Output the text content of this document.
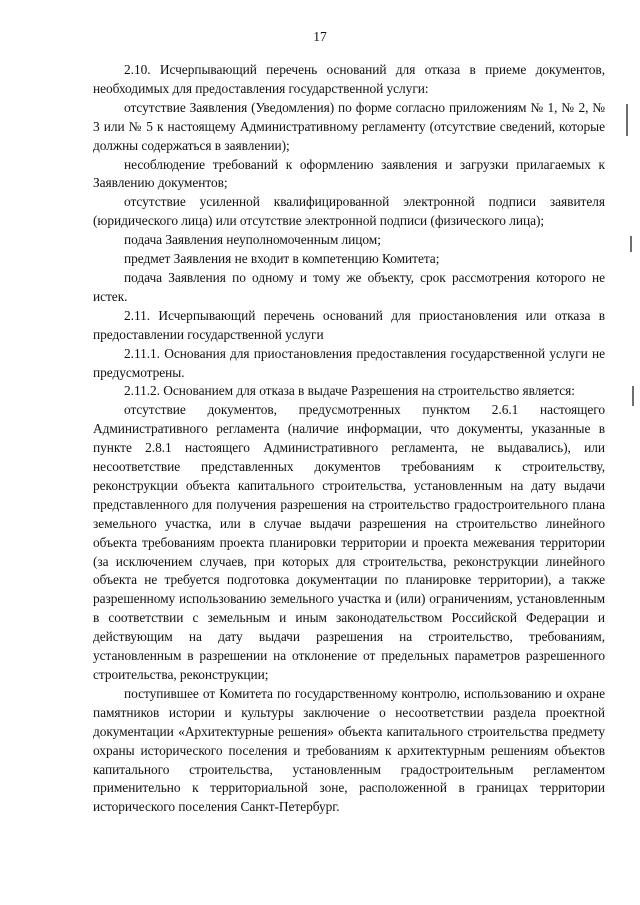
17

2.10. Исчерпывающий перечень оснований для отказа в приеме документов, необходимых для предоставления государственной услуги:

отсутствие Заявления (Уведомления) по форме согласно приложениям № 1, № 2, № 3 или № 5 к настоящему Административному регламенту (отсутствие сведений, которые должны содержаться в заявлении);

несоблюдение требований к оформлению заявления и загрузки прилагаемых к Заявлению документов;

отсутствие усиленной квалифицированной электронной подписи заявителя (юридического лица) или отсутствие электронной подписи (физического лица);

подача Заявления неуполномоченным лицом;

предмет Заявления не входит в компетенцию Комитета;

подача Заявления по одному и тому же объекту, срок рассмотрения которого не истек.

2.11. Исчерпывающий перечень оснований для приостановления или отказа в предоставлении государственной услуги

2.11.1. Основания для приостановления предоставления государственной услуги не предусмотрены.

2.11.2. Основанием для отказа в выдаче Разрешения на строительство является:

отсутствие документов, предусмотренных пунктом 2.6.1 настоящего Административного регламента (наличие информации, что документы, указанные в пункте 2.8.1 настоящего Административного регламента, не выдавались), или несоответствие представленных документов требованиям к строительству, реконструкции объекта капитального строительства, установленным на дату выдачи представленного для получения разрешения на строительство градостроительного плана земельного участка, или в случае выдачи разрешения на строительство линейного объекта требованиям проекта планировки территории и проекта межевания территории (за исключением случаев, при которых для строительства, реконструкции линейного объекта не требуется подготовка документации по планировке территории), а также разрешенному использованию земельного участка и (или) ограничениям, установленным в соответствии с земельным и иным законодательством Российской Федерации и действующим на дату выдачи разрешения на строительство, требованиям, установленным в разрешении на отклонение от предельных параметров разрешенного строительства, реконструкции;

поступившее от Комитета по государственному контролю, использованию и охране памятников истории и культуры заключение о несоответствии раздела проектной документации «Архитектурные решения» объекта капитального строительства предмету охраны исторического поселения и требованиям к архитектурным решениям объектов капитального строительства, установленным градостроительным регламентом применительно к территориальной зоне, расположенной в границах территории исторического поселения Санкт-Петербург.
